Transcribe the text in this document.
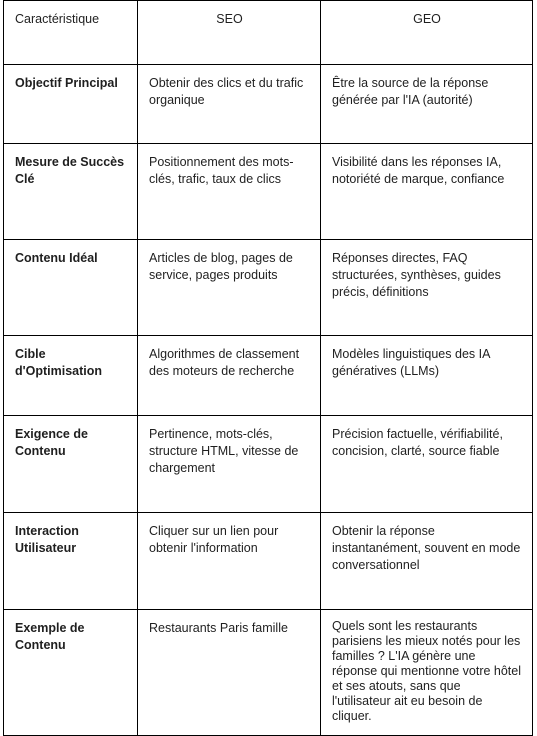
Caractéristique	SEO	GEO
Objectif Principal	Obtenir des clics et du trafic organique	Être la source de la réponse générée par l'IA (autorité)
Mesure de Succès Clé	Positionnement des mots-clés, trafic, taux de clics	Visibilité dans les réponses IA, notoriété de marque, confiance
Contenu Idéal	Articles de blog, pages de service, pages produits	Réponses directes, FAQ structurées, synthèses, guides précis, définitions
Cible d'Optimisation	Algorithmes de classement des moteurs de recherche	Modèles linguistiques des IA génératives (LLMs)
Exigence de Contenu	Pertinence, mots-clés, structure HTML, vitesse de chargement	Précision factuelle, vérifiabilité, concision, clarté, source fiable
Interaction Utilisateur	Cliquer sur un lien pour obtenir l'information	Obtenir la réponse instantanément, souvent en mode conversationnel
Exemple de Contenu	Restaurants Paris famille	Quels sont les restaurants parisiens les mieux notés pour les familles ? L'IA génère une réponse qui mentionne votre hôtel et ses atouts, sans que l'utilisateur ait eu besoin de cliquer.
